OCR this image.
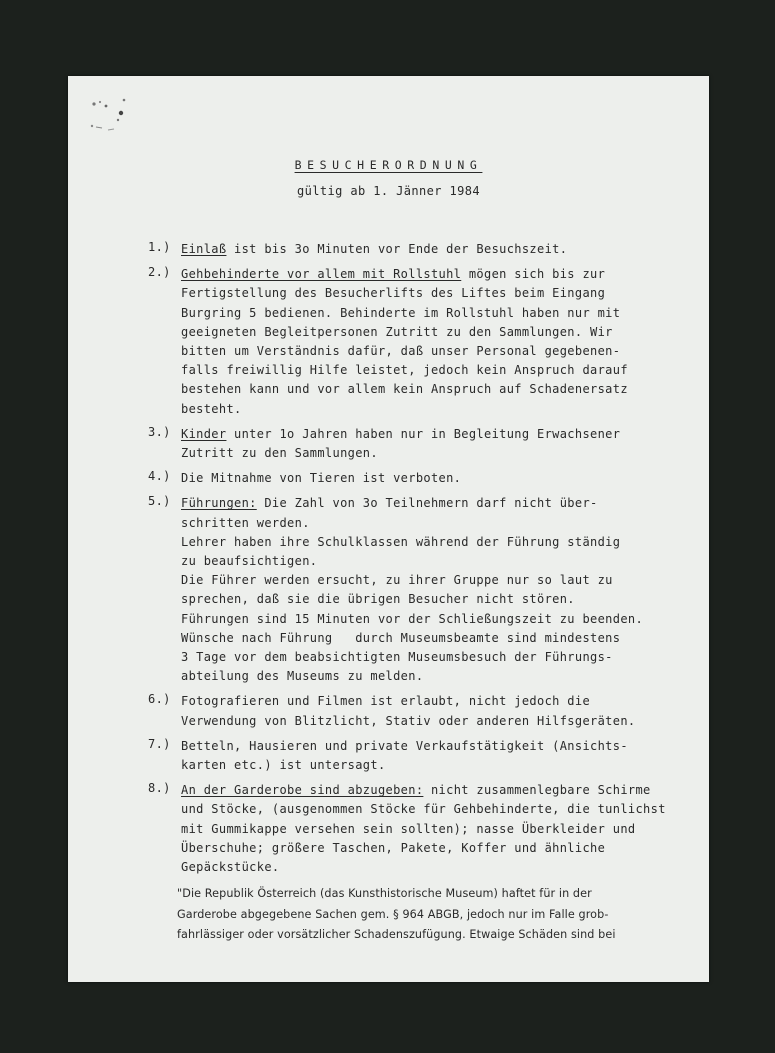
BESUCHERORDNUNG
gültig ab 1. Jänner 1984
1.) Einlaß ist bis 3o Minuten vor Ende der Besuchszeit.
2.) Gehbehinderte vor allem mit Rollstuhl mögen sich bis zur
Fertigstellung des Besucherlifts des Liftes beim Eingang
Burgring 5 bedienen. Behinderte im Rollstuhl haben nur mit
geeigneten Begleitpersonen Zutritt zu den Sammlungen. Wir
bitten um Verständnis dafür, daß unser Personal gegebenen-
falls freiwillig Hilfe leistet, jedoch kein Anspruch darauf
bestehen kann und vor allem kein Anspruch auf Schadenersatz
besteht.
3.) Kinder unter 1o Jahren haben nur in Begleitung Erwachsener
Zutritt zu den Sammlungen.
4.) Die Mitnahme von Tieren ist verboten.
5.) Führungen: Die Zahl von 3o Teilnehmern darf nicht über-
schritten werden.
Lehrer haben ihre Schulklassen während der Führung ständig
zu beaufsichtigen.
Die Führer werden ersucht, zu ihrer Gruppe nur so laut zu
sprechen, daß sie die übrigen Besucher nicht stören.
Führungen sind 15 Minuten vor der Schließungszeit zu beenden.
Wünsche nach Führung   durch Museumsbeamte sind mindestens
3 Tage vor dem beabsichtigten Museumsbesuch der Führungs-
abteilung des Museums zu melden.
6.) Fotografieren und Filmen ist erlaubt, nicht jedoch die
Verwendung von Blitzlicht, Stativ oder anderen Hilfsgeräten.
7.) Betteln, Hausieren und private Verkaufstätigkeit (Ansichts-
karten etc.) ist untersagt.
8.) An der Garderobe sind abzugeben: nicht zusammenlegbare Schirme
und Stöcke, (ausgenommen Stöcke für Gehbehinderte, die tunlichst
mit Gummikappe versehen sein sollten); nasse Überkleider und
Überschuhe; größere Taschen, Pakete, Koffer und ähnliche
Gepäckstücke.
"Die Republik Österreich (das Kunsthistorische Museum) haftet für in der
Garderobe abgegebene Sachen gem. § 964 ABGB, jedoch nur im Falle grob-
fahrlässiger oder vorsätzlicher Schadenszufügung. Etwaige Schäden sind bei
